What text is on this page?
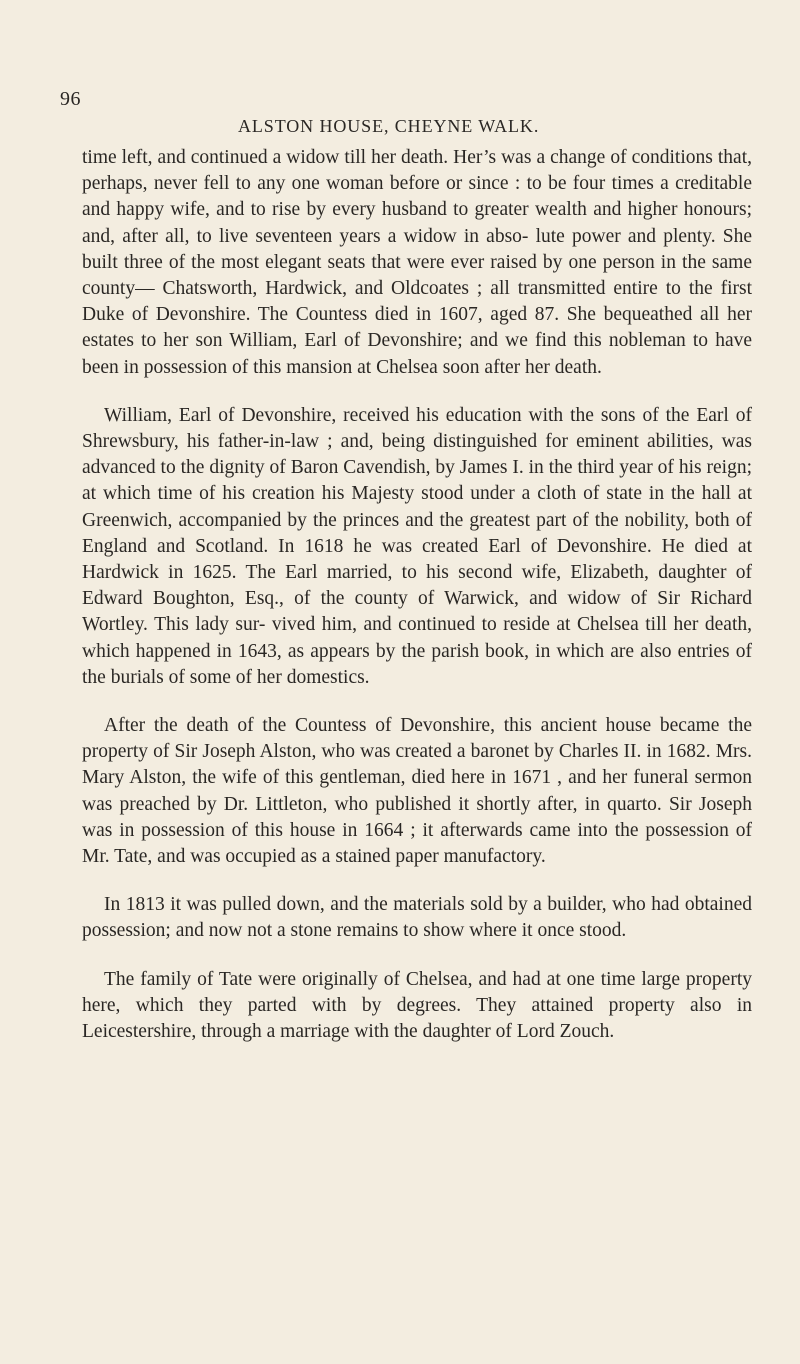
96
ALSTON HOUSE, CHEYNE WALK.

time left, and continued a widow till her death. Her’s was a change of conditions that, perhaps, never fell to any one woman before or since : to be four times a creditable and happy wife, and to rise by every husband to greater wealth and higher honours; and, after all, to live seventeen years a widow in abso- lute power and plenty. She built three of the most elegant seats that were ever raised by one person in the same county— Chatsworth, Hardwick, and Oldcoates ; all transmitted entire to the first Duke of Devonshire. The Countess died in 1607, aged 87. She bequeathed all her estates to her son William, Earl of Devonshire; and we find this nobleman to have been in possession of this mansion at Chelsea soon after her death.

William, Earl of Devonshire, received his education with the sons of the Earl of Shrewsbury, his father-in-law ; and, being distinguished for eminent abilities, was advanced to the dignity of Baron Cavendish, by James I. in the third year of his reign; at which time of his creation his Majesty stood under a cloth of state in the hall at Greenwich, accompanied by the princes and the greatest part of the nobility, both of England and Scotland. In 1618 he was created Earl of Devonshire. He died at Hardwick in 1625. The Earl married, to his second wife, Elizabeth, daughter of Edward Boughton, Esq., of the county of Warwick, and widow of Sir Richard Wortley. This lady sur- vived him, and continued to reside at Chelsea till her death, which happened in 1643, as appears by the parish book, in which are also entries of the burials of some of her domestics.

After the death of the Countess of Devonshire, this ancient house became the property of Sir Joseph Alston, who was created a baronet by Charles II. in 1682. Mrs. Mary Alston, the wife of this gentleman, died here in 1671 , and her funeral sermon was preached by Dr. Littleton, who published it shortly after, in quarto. Sir Joseph was in possession of this house in 1664 ; it afterwards came into the possession of Mr. Tate, and was occupied as a stained paper manufactory.

In 1813 it was pulled down, and the materials sold by a builder, who had obtained possession; and now not a stone remains to show where it once stood.

The family of Tate were originally of Chelsea, and had at one time large property here, which they parted with by degrees. They attained property also in Leicestershire, through a marriage with the daughter of Lord Zouch.
